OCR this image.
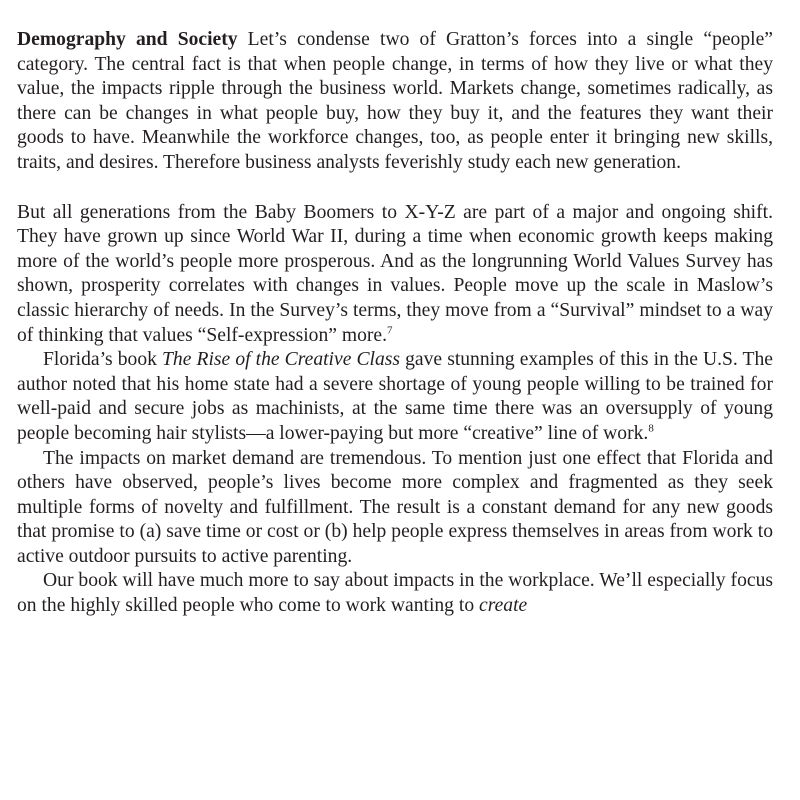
Demography and Society Let’s condense two of Gratton’s forces into a single “people” category. The central fact is that when people change, in terms of how they live or what they value, the impacts ripple through the business world. Markets change, sometimes radically, as there can be changes in what people buy, how they buy it, and the features they want their goods to have. Meanwhile the workforce changes, too, as people enter it bringing new skills, traits, and desires. Therefore business analysts feverishly study each new generation.

But all generations from the Baby Boomers to X-Y-Z are part of a major and ongoing shift. They have grown up since World War II, during a time when economic growth keeps making more of the world’s people more prosperous. And as the longrunning World Values Survey has shown, prosperity correlates with changes in values. People move up the scale in Maslow’s classic hierarchy of needs. In the Survey’s terms, they move from a “Survival” mindset to a way of thinking that values “Self-expression” more.$^7$

Florida’s book The Rise of the Creative Class gave stunning examples of this in the U.S. The author noted that his home state had a severe shortage of young people willing to be trained for well-paid and secure jobs as machinists, at the same time there was an oversupply of young people becoming hair stylists—a lower-paying but more “creative” line of work.$^8$

The impacts on market demand are tremendous. To mention just one effect that Florida and others have observed, people’s lives become more complex and fragmented as they seek multiple forms of novelty and fulfillment. The result is a constant demand for any new goods that promise to (a) save time or cost or (b) help people express themselves in areas from work to active outdoor pursuits to active parenting.

Our book will have much more to say about impacts in the workplace. We’ll especially focus on the highly skilled people who come to work wanting to create
